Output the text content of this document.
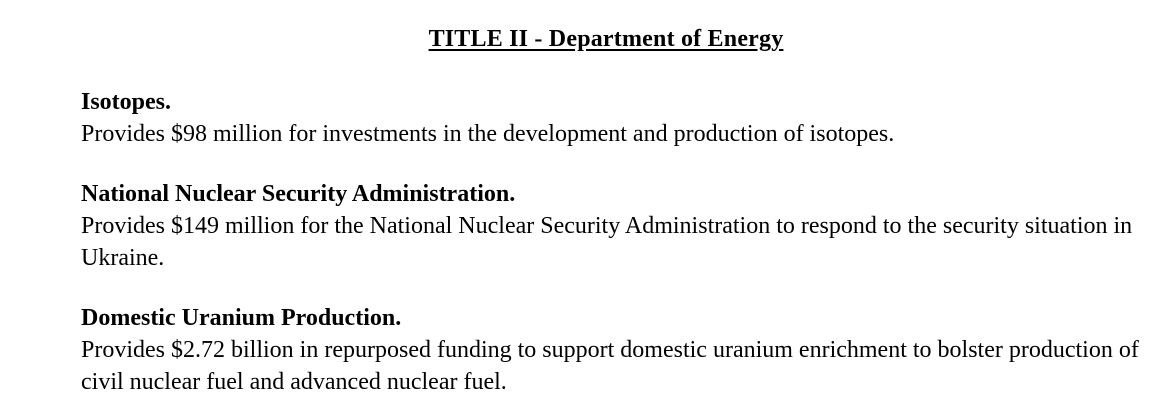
TITLE II - Department of Energy
Isotopes.
Provides $98 million for investments in the development and production of isotopes.
National Nuclear Security Administration.
Provides $149 million for the National Nuclear Security Administration to respond to the security situation in Ukraine.
Domestic Uranium Production.
Provides $2.72 billion in repurposed funding to support domestic uranium enrichment to bolster production of civil nuclear fuel and advanced nuclear fuel.
